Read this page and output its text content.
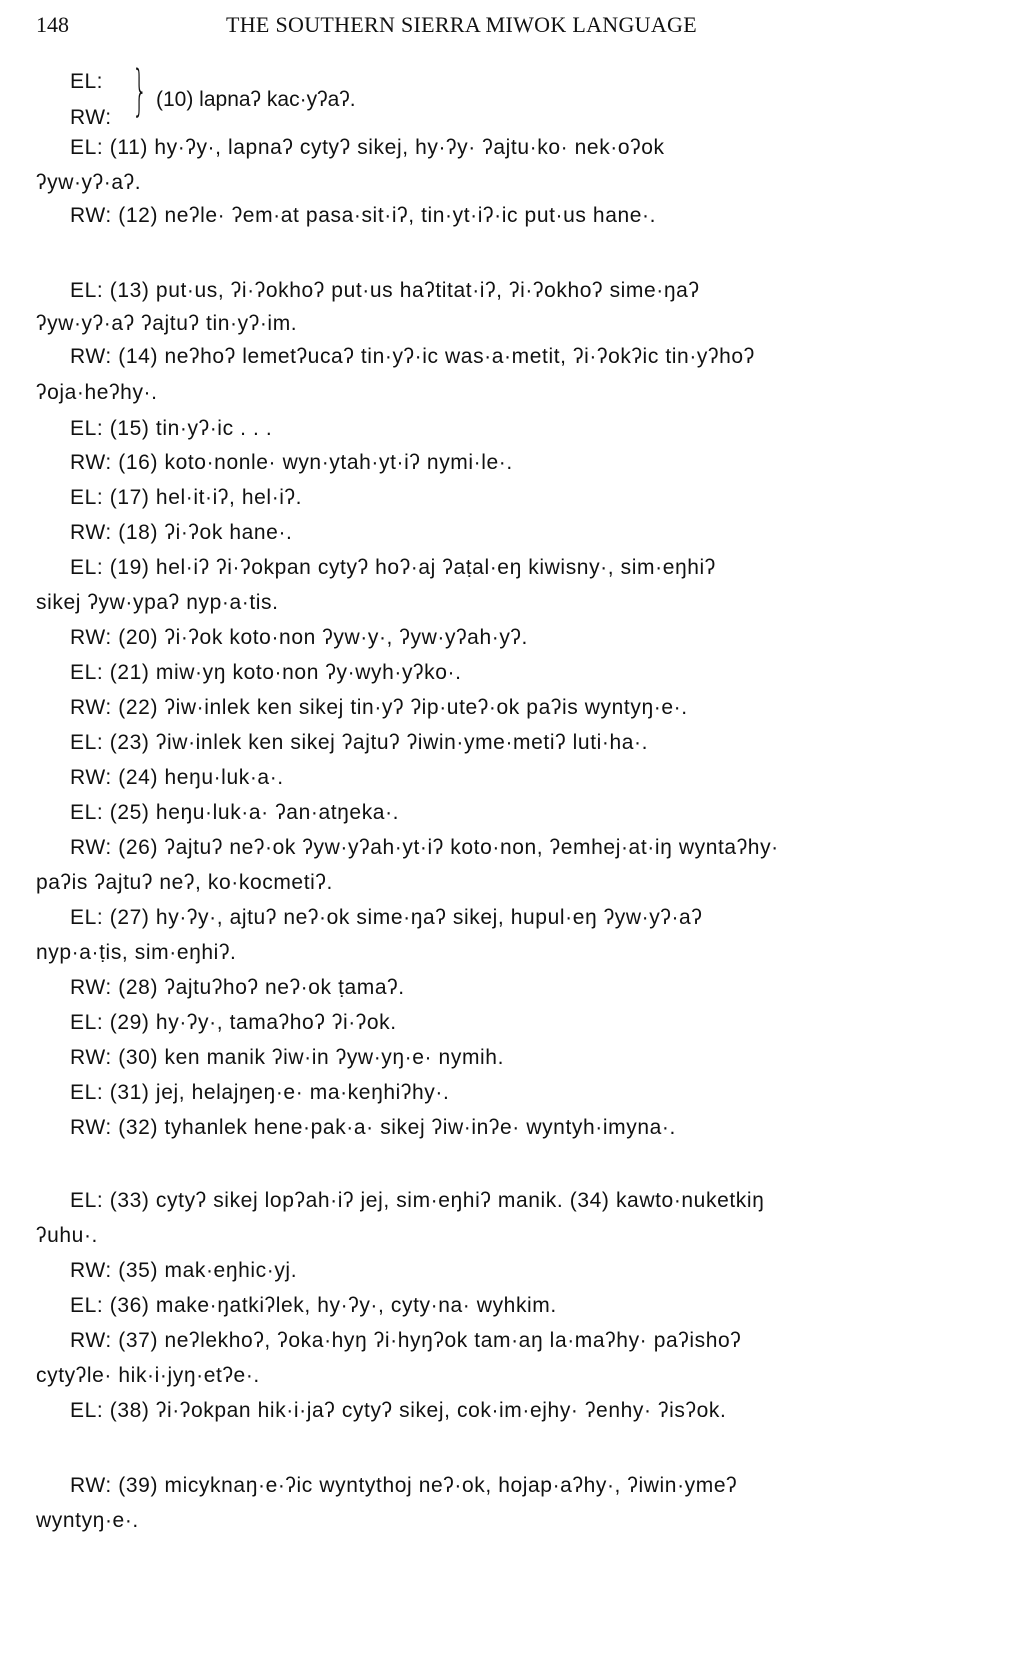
148	THE SOUTHERN SIERRA MIWOK LANGUAGE
EL:
RW: } (10) lapnaʔ kac·yʔaʔ.
EL: (11) hy·ʔy·, lapnaʔ cytyʔ sikej, hy·ʔy· ʔajtu·ko· nek·oʔok
ʔyw·yʔ·aʔ.
RW: (12) neʔle· ʔem·at pasa·sit·iʔ, tin·yt·iʔ·ic put·us hane·.
EL: (13) put·us, ʔi·ʔokhoʔ put·us haʔtitat·iʔ, ʔi·ʔokhoʔ sime·ŋaʔ
ʔyw·yʔ·aʔ ʔajtuʔ tin·yʔ·im.
RW: (14) neʔhoʔ lemetʔucaʔ tin·yʔ·ic was·a·metit, ʔi·ʔokʔic tin·yʔhoʔ
ʔoja·heʔhy·.
EL: (15) tin·yʔ·ic . . .
RW: (16) koto·nonle· wyn·ytah·yt·iʔ nymi·le·.
EL: (17) hel·it·iʔ, hel·iʔ.
RW: (18) ʔi·ʔok hane·.
EL: (19) hel·iʔ ʔi·ʔokpan cytyʔ hoʔ·aj ʔaṭal·eŋ kiwisny·, sim·eŋhiʔ
sikej ʔyw·ypaʔ nyp·a·tis.
RW: (20) ʔi·ʔok koto·non ʔyw·y·, ʔyw·yʔah·yʔ.
EL: (21) miw·yŋ koto·non ʔy·wyh·yʔko·.
RW: (22) ʔiw·inlek ken sikej tin·yʔ ʔip·uteʔ·ok paʔis wyntyŋ·e·.
EL: (23) ʔiw·inlek ken sikej ʔajtuʔ ʔiwin·yme·metiʔ luti·ha·.
RW: (24) heŋu·luk·a·.
EL: (25) heŋu·luk·a· ʔan·atŋeka·.
RW: (26) ʔajtuʔ neʔ·ok ʔyw·yʔah·yt·iʔ koto·non, ʔemhej·at·iŋ wyntaʔhy·
paʔis ʔajtuʔ neʔ, ko·kocmetiʔ.
EL: (27) hy·ʔy·, ajtuʔ neʔ·ok sime·ŋaʔ sikej, hupul·eŋ ʔyw·yʔ·aʔ
nyp·a·ṭis, sim·eŋhiʔ.
RW: (28) ʔajtuʔhoʔ neʔ·ok ṭamaʔ.
EL: (29) hy·ʔy·, tamaʔhoʔ ʔi·ʔok.
RW: (30) ken manik ʔiw·in ʔyw·yŋ·e· nymih.
EL: (31) jej, helajŋeŋ·e· ma·keŋhiʔhy·.
RW: (32) tyhanlek hene·pak·a· sikej ʔiw·inʔe· wyntyh·imyna·.
EL: (33) cytyʔ sikej lopʔah·iʔ jej, sim·eŋhiʔ manik. (34) kawto·nuketkiŋ
ʔuhu·.
RW: (35) mak·eŋhic·yj.
EL: (36) make·ŋatkiʔlek, hy·ʔy·, cyty·na· wyhkim.
RW: (37) neʔlekhoʔ, ʔoka·hyŋ ʔi·hyŋʔok tam·aŋ la·maʔhy· paʔishoʔ
cytyʔle· hik·i·jyŋ·etʔe·.
EL: (38) ʔi·ʔokpan hik·i·jaʔ cytyʔ sikej, cok·im·ejhy· ʔenhy· ʔisʔok.
RW: (39) micyknaŋ·e·ʔic wyntythoj neʔ·ok, hojap·aʔhy·, ʔiwin·ymeʔ
wyntyŋ·e·.
